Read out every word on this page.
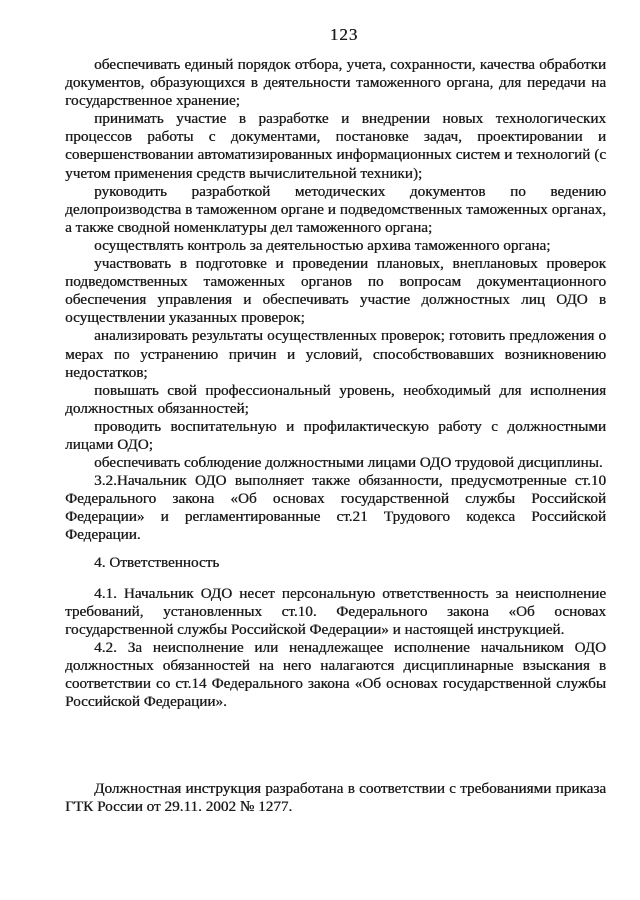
123

обеспечивать единый порядок отбора, учета, сохранности, качества обработки документов, образующихся в деятельности таможенного органа, для передачи на государственное хранение;

принимать участие в разработке и внедрении новых технологических процессов работы с документами, постановке задач, проектировании и совершенствовании автоматизированных информационных систем и технологий (с учетом применения средств вычислительной техники);

руководить разработкой методических документов по ведению делопроизводства в таможенном органе и подведомственных таможенных органах, а также сводной номенклатуры дел таможенного органа;

осуществлять контроль за деятельностью архива таможенного органа;

участвовать в подготовке и проведении плановых, внеплановых проверок подведомственных таможенных органов по вопросам документационного обеспечения управления и обеспечивать участие должностных лиц ОДО в осуществлении указанных проверок;

анализировать результаты осуществленных проверок; готовить предложения о мерах по устранению причин и условий, способствовавших возникновению недостатков;

повышать свой профессиональный уровень, необходимый для исполнения должностных обязанностей;

проводить воспитательную и профилактическую работу с должностными лицами ОДО;

обеспечивать соблюдение должностными лицами ОДО трудовой дисциплины.

3.2.Начальник ОДО выполняет также обязанности, предусмотренные ст.10 Федерального закона «Об основах государственной службы Российской Федерации» и регламентированные ст.21 Трудового кодекса Российской Федерации.

4. Ответственность

4.1. Начальник ОДО несет персональную ответственность за неисполнение требований, установленных ст.10. Федерального закона «Об основах государственной службы Российской Федерации» и настоящей инструкцией.

4.2. За неисполнение или ненадлежащее исполнение начальником ОДО должностных обязанностей на него налагаются дисциплинарные взыскания в соответствии со ст.14 Федерального закона «Об основах государственной службы Российской Федерации».

Должностная инструкция разработана в соответствии с требованиями приказа ГТК России от 29.11. 2002 № 1277.
